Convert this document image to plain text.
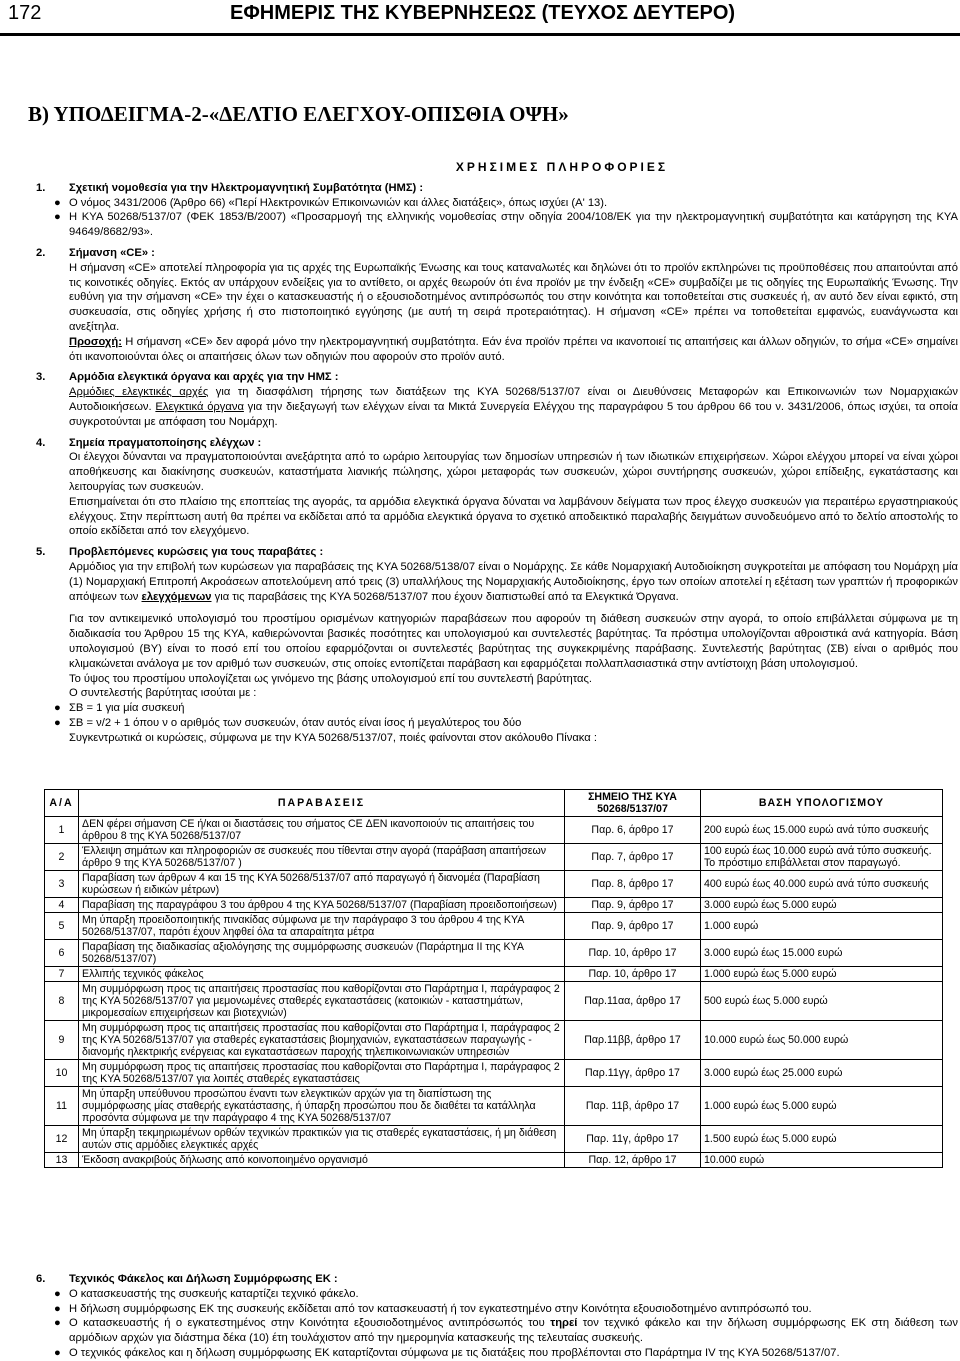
172	ΕΦΗΜΕΡΙΣ ΤΗΣ ΚΥΒΕΡΝΗΣΕΩΣ (ΤΕΥΧΟΣ ΔΕΥΤΕΡΟ)
Β) ΥΠΟΔΕΙΓΜΑ-2-«ΔΕΛΤΙΟ ΕΛΕΓΧΟΥ-ΟΠΙΣΘΙΑ ΟΨΗ»
ΧΡΗΣΙΜΕΣ ΠΛΗΡΟΦΟΡΙΕΣ
1. Σχετική νομοθεσία για την Ηλεκτρομαγνητική Συμβατότητα (ΗΜΣ) :
● Ο νόμος 3431/2006 (Άρθρο 66) «Περί Ηλεκτρονικών Επικοινωνιών και άλλες διατάξεις», όπως ισχύει (Α' 13).
● Η ΚΥΑ 50268/5137/07 (ΦΕΚ 1853/Β/2007) «Προσαρμογή της ελληνικής νομοθεσίας στην οδηγία 2004/108/ΕΚ για την ηλεκτρομαγνητική συμβατότητα και κατάργηση της ΚΥΑ 94649/8682/93».
2. Σήμανση «CE» :
Η σήμανση «CE» αποτελεί πληροφορία για τις αρχές της Ευρωπαϊκής Ένωσης και τους καταναλωτές και δηλώνει ότι το προϊόν εκπληρώνει τις προϋποθέσεις που απαιτούνται από τις κοινοτικές οδηγίες. Εκτός αν υπάρχουν ενδείξεις για το αντίθετο, οι αρχές θεωρούν ότι ένα προϊόν με την ένδειξη «CE» συμβαδίζει με τις οδηγίες της Ευρωπαϊκής Ένωσης. Την ευθύνη για την σήμανση «CE» την έχει ο κατασκευαστής ή ο εξουσιοδοτημένος αντιπρόσωπός του στην κοινότητα και τοποθετείται στις συσκευές ή, αν αυτό δεν είναι εφικτό, στη συσκευασία, στις οδηγίες χρήσης ή στο πιστοποιητικό εγγύησης (με αυτή τη σειρά προτεραιότητας). Η σήμανση «CE» πρέπει να τοποθετείται εμφανώς, ευανάγνωστα και ανεξίτηλα.
Προσοχή: Η σήμανση «CE» δεν αφορά μόνο την ηλεκτρομαγνητική συμβατότητα. Εάν ένα προϊόν πρέπει να ικανοποιεί τις απαιτήσεις και άλλων οδηγιών, το σήμα «CE» σημαίνει ότι ικανοποιούνται όλες οι απαιτήσεις όλων των οδηγιών που αφορούν στο προϊόν αυτό.
3. Αρμόδια ελεγκτικά όργανα και αρχές για την ΗΜΣ :
Αρμόδιες ελεγκτικές αρχές για τη διασφάλιση τήρησης των διατάξεων της ΚΥΑ 50268/5137/07 είναι οι Διευθύνσεις Μεταφορών και Επικοινωνιών των Νομαρχιακών Αυτοδιοικήσεων. Ελεγκτικά όργανα για την διεξαγωγή των ελέγχων είναι τα Μικτά Συνεργεία Ελέγχου της παραγράφου 5 του άρθρου 66 του ν. 3431/2006, όπως ισχύει, τα οποία συγκροτούνται με απόφαση του Νομάρχη.
4. Σημεία πραγματοποίησης ελέγχων :
Οι έλεγχοι δύνανται να πραγματοποιούνται ανεξάρτητα από το ωράριο λειτουργίας των δημοσίων υπηρεσιών ή των ιδιωτικών επιχειρήσεων. Χώροι ελέγχου μπορεί να είναι χώροι αποθήκευσης και διακίνησης συσκευών, καταστήματα λιανικής πώλησης, χώροι μεταφοράς των συσκευών, χώροι συντήρησης συσκευών, χώροι επίδειξης, εγκατάστασης και λειτουργίας των συσκευών.
Επισημαίνεται ότι στο πλαίσιο της εποπτείας της αγοράς, τα αρμόδια ελεγκτικά όργανα δύναται να λαμβάνουν δείγματα των προς έλεγχο συσκευών για περαιτέρω εργαστηριακούς ελέγχους. Στην περίπτωση αυτή θα πρέπει να εκδίδεται από τα αρμόδια ελεγκτικά όργανα το σχετικό αποδεικτικό παραλαβής δειγμάτων συνοδευόμενο από το δελτίο αποστολής το οποίο εκδίδεται από τον ελεγχόμενο.
5. Προβλεπόμενες κυρώσεις για τους παραβάτες :
Αρμόδιος για την επιβολή των κυρώσεων για παραβάσεις της ΚΥΑ 50268/5138/07 είναι ο Νομάρχης. Σε κάθε Νομαρχιακή Αυτοδιοίκηση συγκροτείται με απόφαση του Νομάρχη μία (1) Νομαρχιακή Επιτροπή Ακροάσεων αποτελούμενη από τρεις (3) υπαλλήλους της Νομαρχιακής Αυτοδιοίκησης, έργο των οποίων αποτελεί η εξέταση των γραπτών ή προφορικών απόψεων των ελεγχόμενων για τις παραβάσεις της ΚΥΑ 50268/5137/07 που έχουν διαπιστωθεί από τα Ελεγκτικά Όργανα.
Για τον αντικειμενικό υπολογισμό του προστίμου ορισμένων κατηγοριών παραβάσεων που αφορούν τη διάθεση συσκευών στην αγορά, το οποίο επιβάλλεται σύμφωνα με τη διαδικασία του Άρθρου 15 της ΚΥΑ, καθιερώνονται βασικές ποσότητες και υπολογισμού και συντελεστές βαρύτητας. Τα πρόστιμα υπολογίζονται αθροιστικά ανά κατηγορία. Βάση υπολογισμού (ΒΥ) είναι το ποσό επί του οποίου εφαρμόζονται οι συντελεστές βαρύτητας της συγκεκριμένης παράβασης. Συντελεστής βαρύτητας (ΣΒ) είναι ο αριθμός που κλιμακώνεται ανάλογα με τον αριθμό των συσκευών, στις οποίες εντοπίζεται παράβαση και εφαρμόζεται πολλαπλασιαστικά στην αντίστοιχη βάση υπολογισμού.
Το ύψος του προστίμου υπολογίζεται ως γινόμενο της βάσης υπολογισμού επί του συντελεστή βαρύτητας.
Ο συντελεστής βαρύτητας ισούται με :
● ΣΒ = 1 για μία συσκευή
● ΣΒ = ν/2 + 1 όπου ν ο αριθμός των συσκευών, όταν αυτός είναι ίσος ή μεγαλύτερος του δύο
Συγκεντρωτικά οι κυρώσεις, σύμφωνα με την ΚΥΑ 50268/5137/07, ποιές φαίνονται στον ακόλουθο Πίνακα :
Α/Α	ΠΑΡΑΒΑΣΕΙΣ	ΣΗΜΕΙΟ ΤΗΣ ΚΥΑ 50268/5137/07	ΒΑΣΗ ΥΠΟΛΟΓΙΣΜΟΥ
1	ΔΕΝ φέρει σήμανση CE ή/και οι διαστάσεις του σήματος CE ΔΕΝ ικανοποιούν τις απαιτήσεις του άρθρου 8 της ΚΥΑ 50268/5137/07	Παρ. 6, άρθρο 17	200 ευρώ έως 15.000 ευρώ ανά τύπο συσκευής
2	Έλλειψη σημάτων και πληροφοριών σε συσκευές που τίθενται στην αγορά (παράβαση απαιτήσεων άρθρο 9 της ΚΥΑ 50268/5137/07 )	Παρ. 7, άρθρο 17	100 ευρώ έως 10.000 ευρώ ανά τύπο συσκευής. Το πρόστιμο επιβάλλεται στον παραγωγό.
3	Παραβίαση των άρθρων 4 και 15 της ΚΥΑ 50268/5137/07 από παραγωγό ή διανομέα (Παραβίαση κυρώσεων ή ειδικών μέτρων)	Παρ. 8, άρθρο 17	400 ευρώ έως 40.000 ευρώ ανά τύπο συσκευής
4	Παραβίαση της παραγράφου 3 του άρθρου 4 της ΚΥΑ 50268/5137/07 (Παραβίαση προειδοποιήσεων)	Παρ. 9, άρθρο 17	3.000 ευρώ έως 5.000 ευρώ
5	Μη ύπαρξη προειδοποιητικής πινακίδας σύμφωνα με την παράγραφο 3 του άρθρου 4 της ΚΥΑ 50268/5137/07, παρότι έχουν ληφθεί όλα τα απαραίτητα μέτρα	Παρ. 9, άρθρο 17	1.000 ευρώ
6	Παραβίαση της διαδικασίας αξιολόγησης της συμμόρφωσης συσκευών (Παράρτημα ΙΙ της ΚΥΑ 50268/5137/07)	Παρ. 10, άρθρο 17	3.000 ευρώ έως 15.000 ευρώ
7	Ελλιπής τεχνικός φάκελος	Παρ. 10, άρθρο 17	1.000 ευρώ έως 5.000 ευρώ
8	Μη συμμόρφωση προς τις απαιτήσεις προστασίας που καθορίζονται στο Παράρτημα Ι, παράγραφος 2 της ΚΥΑ 50268/5137/07 για μεμονωμένες σταθερές εγκαταστάσεις (κατοικιών - καταστημάτων, μικρομεσαίων επιχειρήσεων και βιοτεχνιών)	Παρ.11αα, άρθρο 17	500 ευρώ έως 5.000 ευρώ
9	Μη συμμόρφωση προς τις απαιτήσεις προστασίας που καθορίζονται στο Παράρτημα Ι, παράγραφος 2 της ΚΥΑ 50268/5137/07 για σταθερές εγκαταστάσεις βιομηχανιών, εγκαταστάσεων παραγωγής - διανομής ηλεκτρικής ενέργειας και εγκαταστάσεων παροχής τηλεπικοινωνιακών υπηρεσιών	Παρ.11ββ, άρθρο 17	10.000 ευρώ έως 50.000 ευρώ
10	Μη συμμόρφωση προς τις απαιτήσεις προστασίας που καθορίζονται στο Παράρτημα Ι, παράγραφος 2 της ΚΥΑ 50268/5137/07 για λοιπές σταθερές εγκαταστάσεις	Παρ.11γγ, άρθρο 17	3.000 ευρώ έως 25.000 ευρώ
11	Μη ύπαρξη υπεύθυνου προσώπου έναντι των ελεγκτικών αρχών για τη διαπίστωση της συμμόρφωσης μίας σταθερής εγκατάστασης, ή ύπαρξη προσώπου που δε διαθέτει τα κατάλληλα προσόντα σύμφωνα με την παράγραφο 4 της ΚΥΑ 50268/5137/07	Παρ. 11β, άρθρο 17	1.000 ευρώ έως 5.000 ευρώ
12	Μη ύπαρξη τεκμηριωμένων ορθών τεχνικών πρακτικών για τις σταθερές εγκαταστάσεις, ή μη διάθεση αυτών στις αρμόδιες ελεγκτικές αρχές	Παρ. 11γ, άρθρο 17	1.500 ευρώ έως 5.000 ευρώ
13	Έκδοση ανακριβούς δήλωσης από κοινοποιημένο οργανισμό	Παρ. 12, άρθρο 17	10.000 ευρώ
6. Τεχνικός Φάκελος και Δήλωση Συμμόρφωσης ΕΚ :
● Ο κατασκευαστής της συσκευής καταρτίζει τεχνικό φάκελο.
● Η δήλωση συμμόρφωσης ΕΚ της συσκευής εκδίδεται από τον κατασκευαστή ή τον εγκατεστημένο στην Κοινότητα εξουσιοδοτημένο αντιπρόσωπό του.
● Ο κατασκευαστής ή ο εγκατεστημένος στην Κοινότητα εξουσιοδοτημένος αντιπρόσωπός του τηρεί τον τεχνικό φάκελο και την δήλωση συμμόρφωσης ΕΚ στη διάθεση των αρμόδιων αρχών για διάστημα δέκα (10) έτη τουλάχιστον από την ημερομηνία κατασκευής της τελευταίας συσκευής.
● Ο τεχνικός φάκελος και η δήλωση συμμόρφωσης ΕΚ καταρτίζονται σύμφωνα με τις διατάξεις που προβλέπονται στο Παράρτημα IV της ΚΥΑ 50268/5137/07.
